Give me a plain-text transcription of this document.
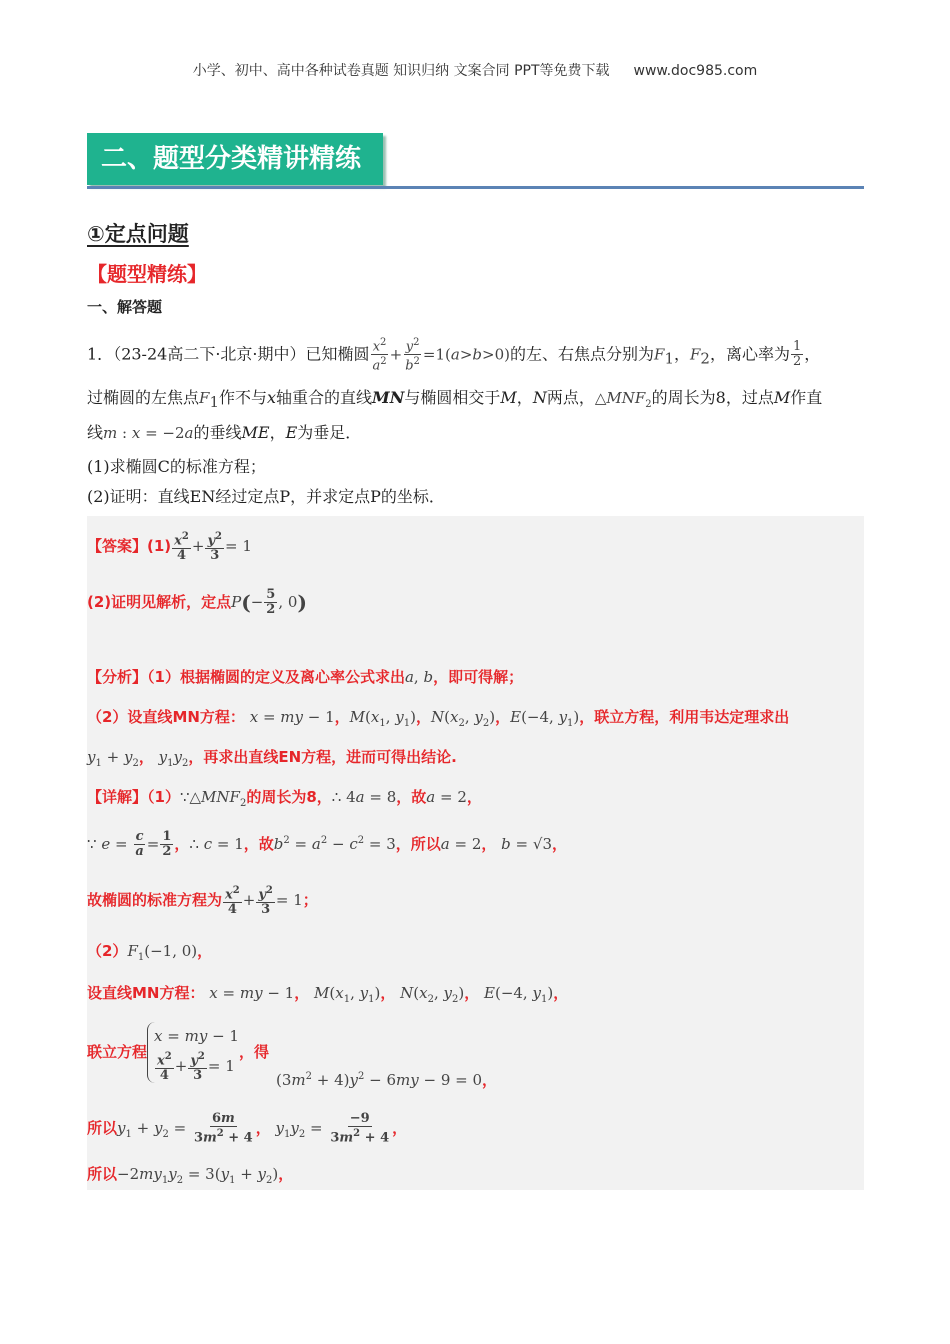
小学、初中、高中各种试卷真题 知识归纳 文案合同 PPT等免费下载 www.doc985.com
二、题型分类精讲精练
①定点问题
【题型精练】
一、解答题
1．（23-24高二下·北京·期中）已知椭圆 $\frac{x^2}{a^2} + \frac{y^2}{b^2} =1(a>b>0)$的左、右焦点分别为$F_1$，$F_2$，离心率为 $\frac{1}{2}$ ，
过椭圆的左焦点$F_1$作不与x轴重合的直线MN与椭圆相交于M，N两点，$\triangle MNF_2$的周长为8，过点M作直
线m : x = −2a的垂线ME，E为垂足．
(1)求椭圆C的标准方程；
(2)证明：直线EN经过定点P，并求定点P的坐标．
【答案】$(1) \frac{x^2}{4} + \frac{y^2}{3} = 1$
(2)证明见解析，定点$P(- \frac{5}{2}$ , 0)
【分析】（1）根据椭圆的定义及离心率公式求出a, b，即可得解；
（2）设直线MN方程： x = my − 1，$M(x_1$, $y_1$)，$N(x_2$, $y_2$)，E(−4, $y_1$)，联立方程，利用韦达定理求出
$y_1 + y_2$， $y_1y_2$，再求出直线EN方程，进而可得出结论.
【详解】$(1)\because\triangle MNF_2$的周长为8，∴ 4a = 8，故a = 2，
∵ $e = \frac{c}{a} = \frac{1}{2}$ ，∴ c = 1，故$b^2 = a^2 - c^2 = 3$，所以a = 2， b = √3，
故椭圆的标准方程为 $\frac{x^2}{4} + \frac{y^2}{3} = 1$；
$(2)F_1(-1$, 0)，
设直线MN方程： x = my − 1， $M(x_1$, $y_1$)， $N(x_2$, $y_2$)， E(−4, $y_1$)，
联立方程x = my − 1

$\frac{x^2}{4} + \frac{y^2}{3} = 1$，得
$(3m^2 + 4)y^2 - 6my - 9 = 0$，
所以$y_1 + y_2 = \frac{6m}{3m^2 + 4}$ ， $y_1y_2 = \frac{-9}{3m^2 + 4}$ ，
所以$-2my_1y_2 = 3(y_1 + y_2)$，
